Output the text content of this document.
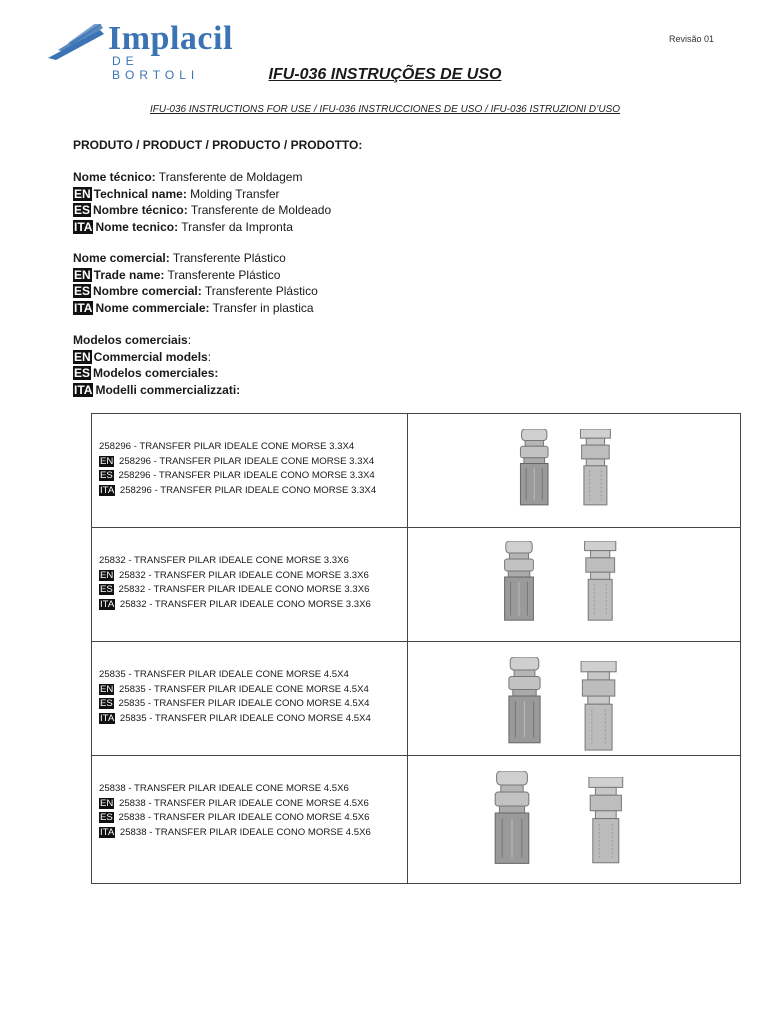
Implacil
DE BORTOLI
Revisão 01
IFU-036 INSTRUÇÕES DE USO
IFU-036 INSTRUCTIONS FOR USE / IFU-036 INSTRUCCIONES DE USO / IFU-036 ISTRUZIONI D’USO
PRODUTO / PRODUCT / PRODUCTO / PRODOTTO:
Nome técnico: Transferente de Moldagem
EN Technical name: Molding Transfer
ES Nombre técnico: Transferente de Moldeado
ITA Nome tecnico: Transfer da Impronta
Nome comercial: Transferente Plástico
EN Trade name: Transferente Plástico
ES Nombre comercial: Transferente Plástico
ITA Nome commerciale: Transfer in plastica
Modelos comerciais:
EN Commercial models:
ES Modelos comerciales:
ITA Modelli commercializzati:
258296 - TRANSFER PILAR IDEALE CONE MORSE 3.3X4
EN 258296 - TRANSFER PILAR IDEALE CONE MORSE 3.3X4
ES 258296 - TRANSFER PILAR IDEALE CONO MORSE 3.3X4
ITA 258296 - TRANSFER PILAR IDEALE CONO MORSE 3.3X4

25832 - TRANSFER PILAR IDEALE CONE MORSE 3.3X6
EN 25832 - TRANSFER PILAR IDEALE CONE MORSE 3.3X6
ES 25832 - TRANSFER PILAR IDEALE CONO MORSE 3.3X6
ITA 25832 - TRANSFER PILAR IDEALE CONO MORSE 3.3X6

25835 - TRANSFER PILAR IDEALE CONE MORSE 4.5X4
EN 25835 - TRANSFER PILAR IDEALE CONE MORSE 4.5X4
ES 25835 - TRANSFER PILAR IDEALE CONO MORSE 4.5X4
ITA 25835 - TRANSFER PILAR IDEALE CONO MORSE 4.5X4

25838 - TRANSFER PILAR IDEALE CONE MORSE 4.5X6
EN 25838 - TRANSFER PILAR IDEALE CONE MORSE 4.5X6
ES 25838 - TRANSFER PILAR IDEALE CONO MORSE 4.5X6
ITA 25838 - TRANSFER PILAR IDEALE CONO MORSE 4.5X6
